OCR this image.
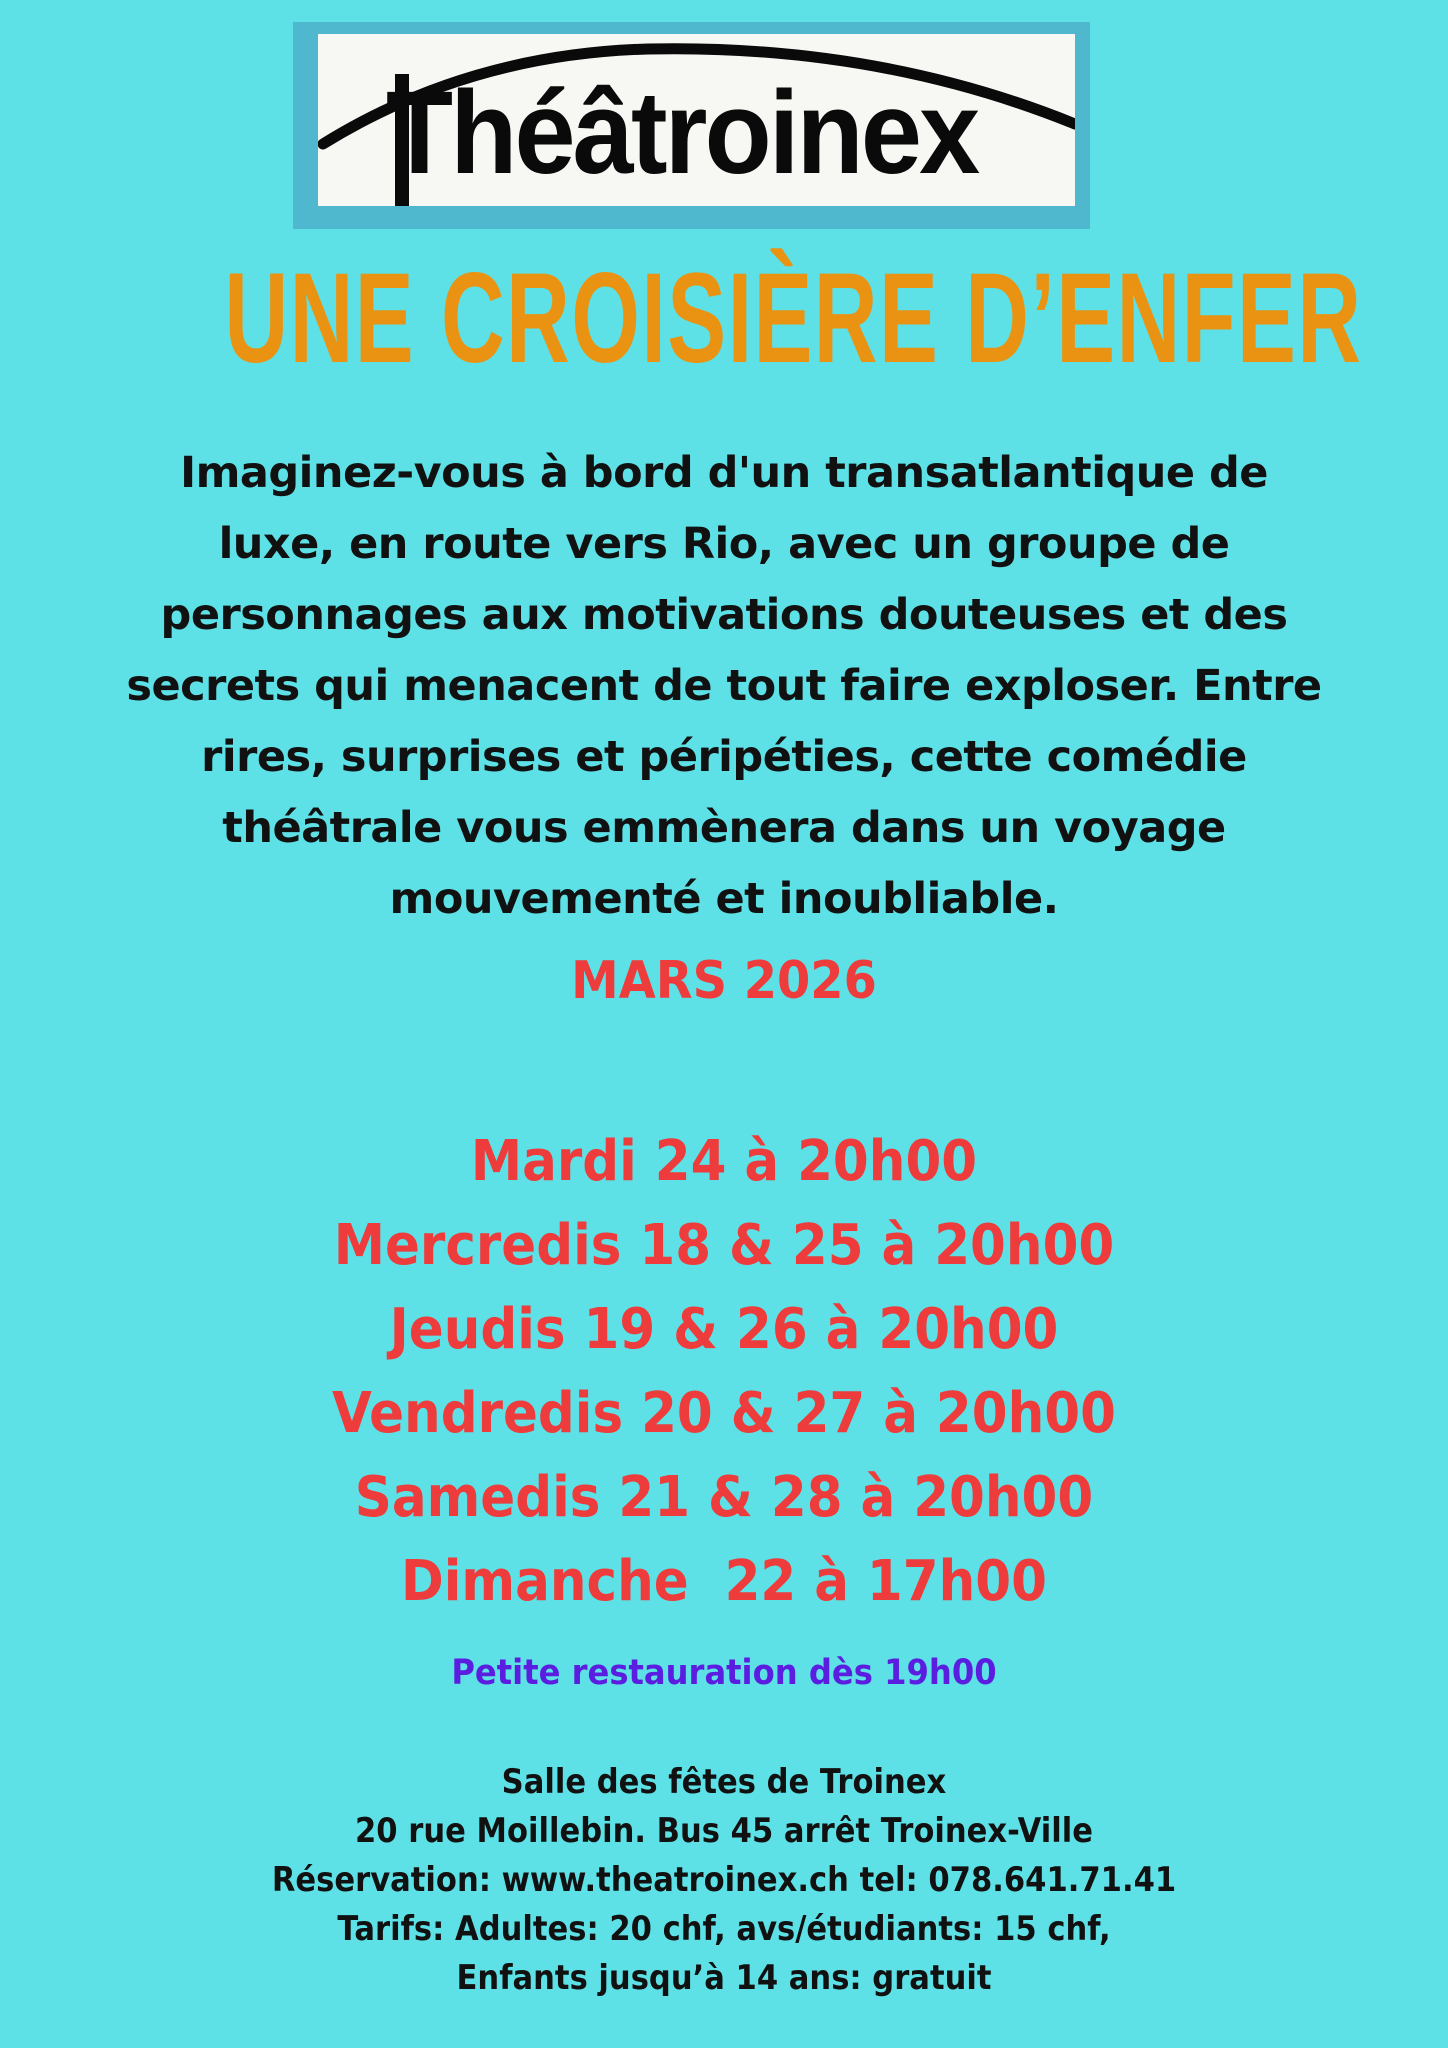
Théâtroinex
UNE CROISIÈRE D’ENFER
Imaginez-vous à bord d'un transatlantique de
luxe, en route vers Rio, avec un groupe de
personnages aux motivations douteuses et des
secrets qui menacent de tout faire exploser. Entre
rires, surprises et péripéties, cette comédie
théâtrale vous emmènera dans un voyage
mouvementé et inoubliable.
MARS 2026
Mardi 24 à 20h00
Mercredis 18 & 25 à 20h00
Jeudis 19 & 26 à 20h00
Vendredis 20 & 27 à 20h00
Samedis 21 & 28 à 20h00
Dimanche  22 à 17h00
Petite restauration dès 19h00
Salle des fêtes de Troinex
20 rue Moillebin. Bus 45 arrêt Troinex-Ville
Réservation: www.theatroinex.ch tel: 078.641.71.41
Tarifs: Adultes: 20 chf, avs/étudiants: 15 chf,
Enfants jusqu’à 14 ans: gratuit
